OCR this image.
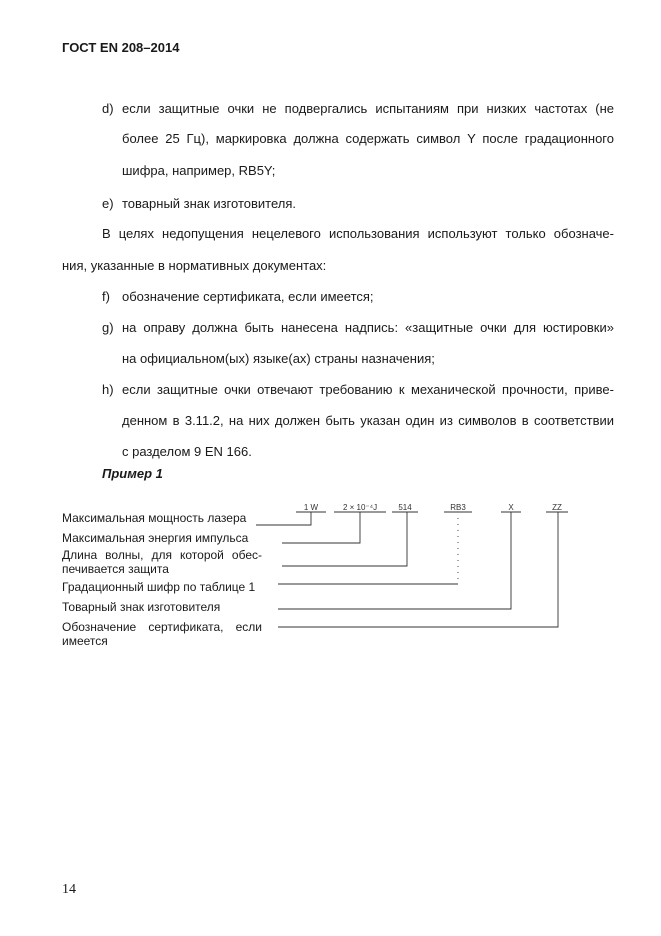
ГОСТ EN 208–2014
d) если защитные очки не подвергались испытаниям при низких частотах (не
более 25 Гц), маркировка должна содержать символ Y после градационного
шифра, например, RB5Y;
e) товарный знак изготовителя.
В целях недопущения нецелевого использования используют только обозначе-
ния, указанные в нормативных документах:
f) обозначение сертификата, если имеется;
g) на оправу должна быть нанесена надпись: «защитные очки для юстировки»
на официальном(ых) языке(ах) страны назначения;
h) если защитные очки отвечают требованию к механической прочности, приве-
денном в 3.11.2, на них должен быть указан один из символов в соответствии
с разделом 9 EN 166.
Пример 1
1 W	2 × 10⁻⁴J	514	RB3	X	ZZ
Максимальная мощность лазера
Максимальная энергия импульса
Длина волны, для которой обес-
печивается защита
Градационный шифр по таблице 1
Товарный знак изготовителя
Обозначение сертификата, если
имеется
14
